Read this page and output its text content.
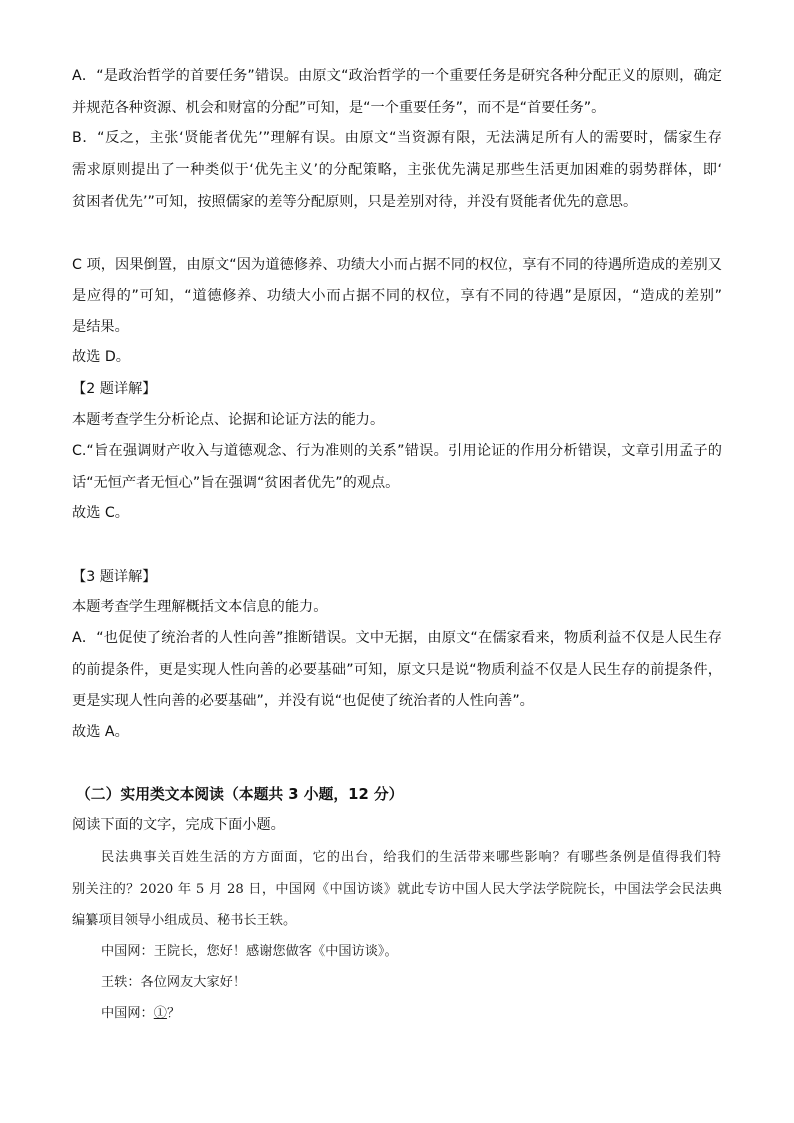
A．“是政治哲学的首要任务”错误。由原文“政治哲学的一个重要任务是研究各种分配正义的原则，确定
并规范各种资源、机会和财富的分配”可知，是“一个重要任务”，而不是“首要任务”。
B．“反之，主张‘贤能者优先’”理解有误。由原文“当资源有限，无法满足所有人的需要时，儒家生存
需求原则提出了一种类似于‘优先主义’的分配策略，主张优先满足那些生活更加困难的弱势群体，即‘
贫困者优先’”可知，按照儒家的差等分配原则，只是差别对待，并没有贤能者优先的意思。
C 项，因果倒置，由原文“因为道德修养、功绩大小而占据不同的权位，享有不同的待遇所造成的差别又
是应得的”可知，“道德修养、功绩大小而占据不同的权位，享有不同的待遇”是原因，“造成的差别”
是结果。
故选 D。
【2 题详解】
本题考查学生分析论点、论据和论证方法的能力。
C.“旨在强调财产收入与道德观念、行为准则的关系”错误。引用论证的作用分析错误，文章引用孟子的
话“无恒产者无恒心”旨在强调“贫困者优先”的观点。
故选 C。
【3 题详解】
本题考查学生理解概括文本信息的能力。
A．“也促使了统治者的人性向善”推断错误。文中无据，由原文“在儒家看来，物质利益不仅是人民生存
的前提条件，更是实现人性向善的必要基础”可知，原文只是说“物质利益不仅是人民生存的前提条件，
更是实现人性向善的必要基础”，并没有说“也促使了统治者的人性向善”。
故选 A。
（二）实用类文本阅读（本题共 3 小题，12 分）
阅读下面的文字，完成下面小题。
民法典事关百姓生活的方方面面，它的出台，给我们的生活带来哪些影响？有哪些条例是值得我们特
别关注的？2020 年 5 月 28 日，中国网《中国访谈》就此专访中国人民大学法学院院长，中国法学会民法典
编纂项目领导小组成员、秘书长王轶。
中国网：王院长，您好！感谢您做客《中国访谈》。
王轶：各位网友大家好！
中国网：①？
